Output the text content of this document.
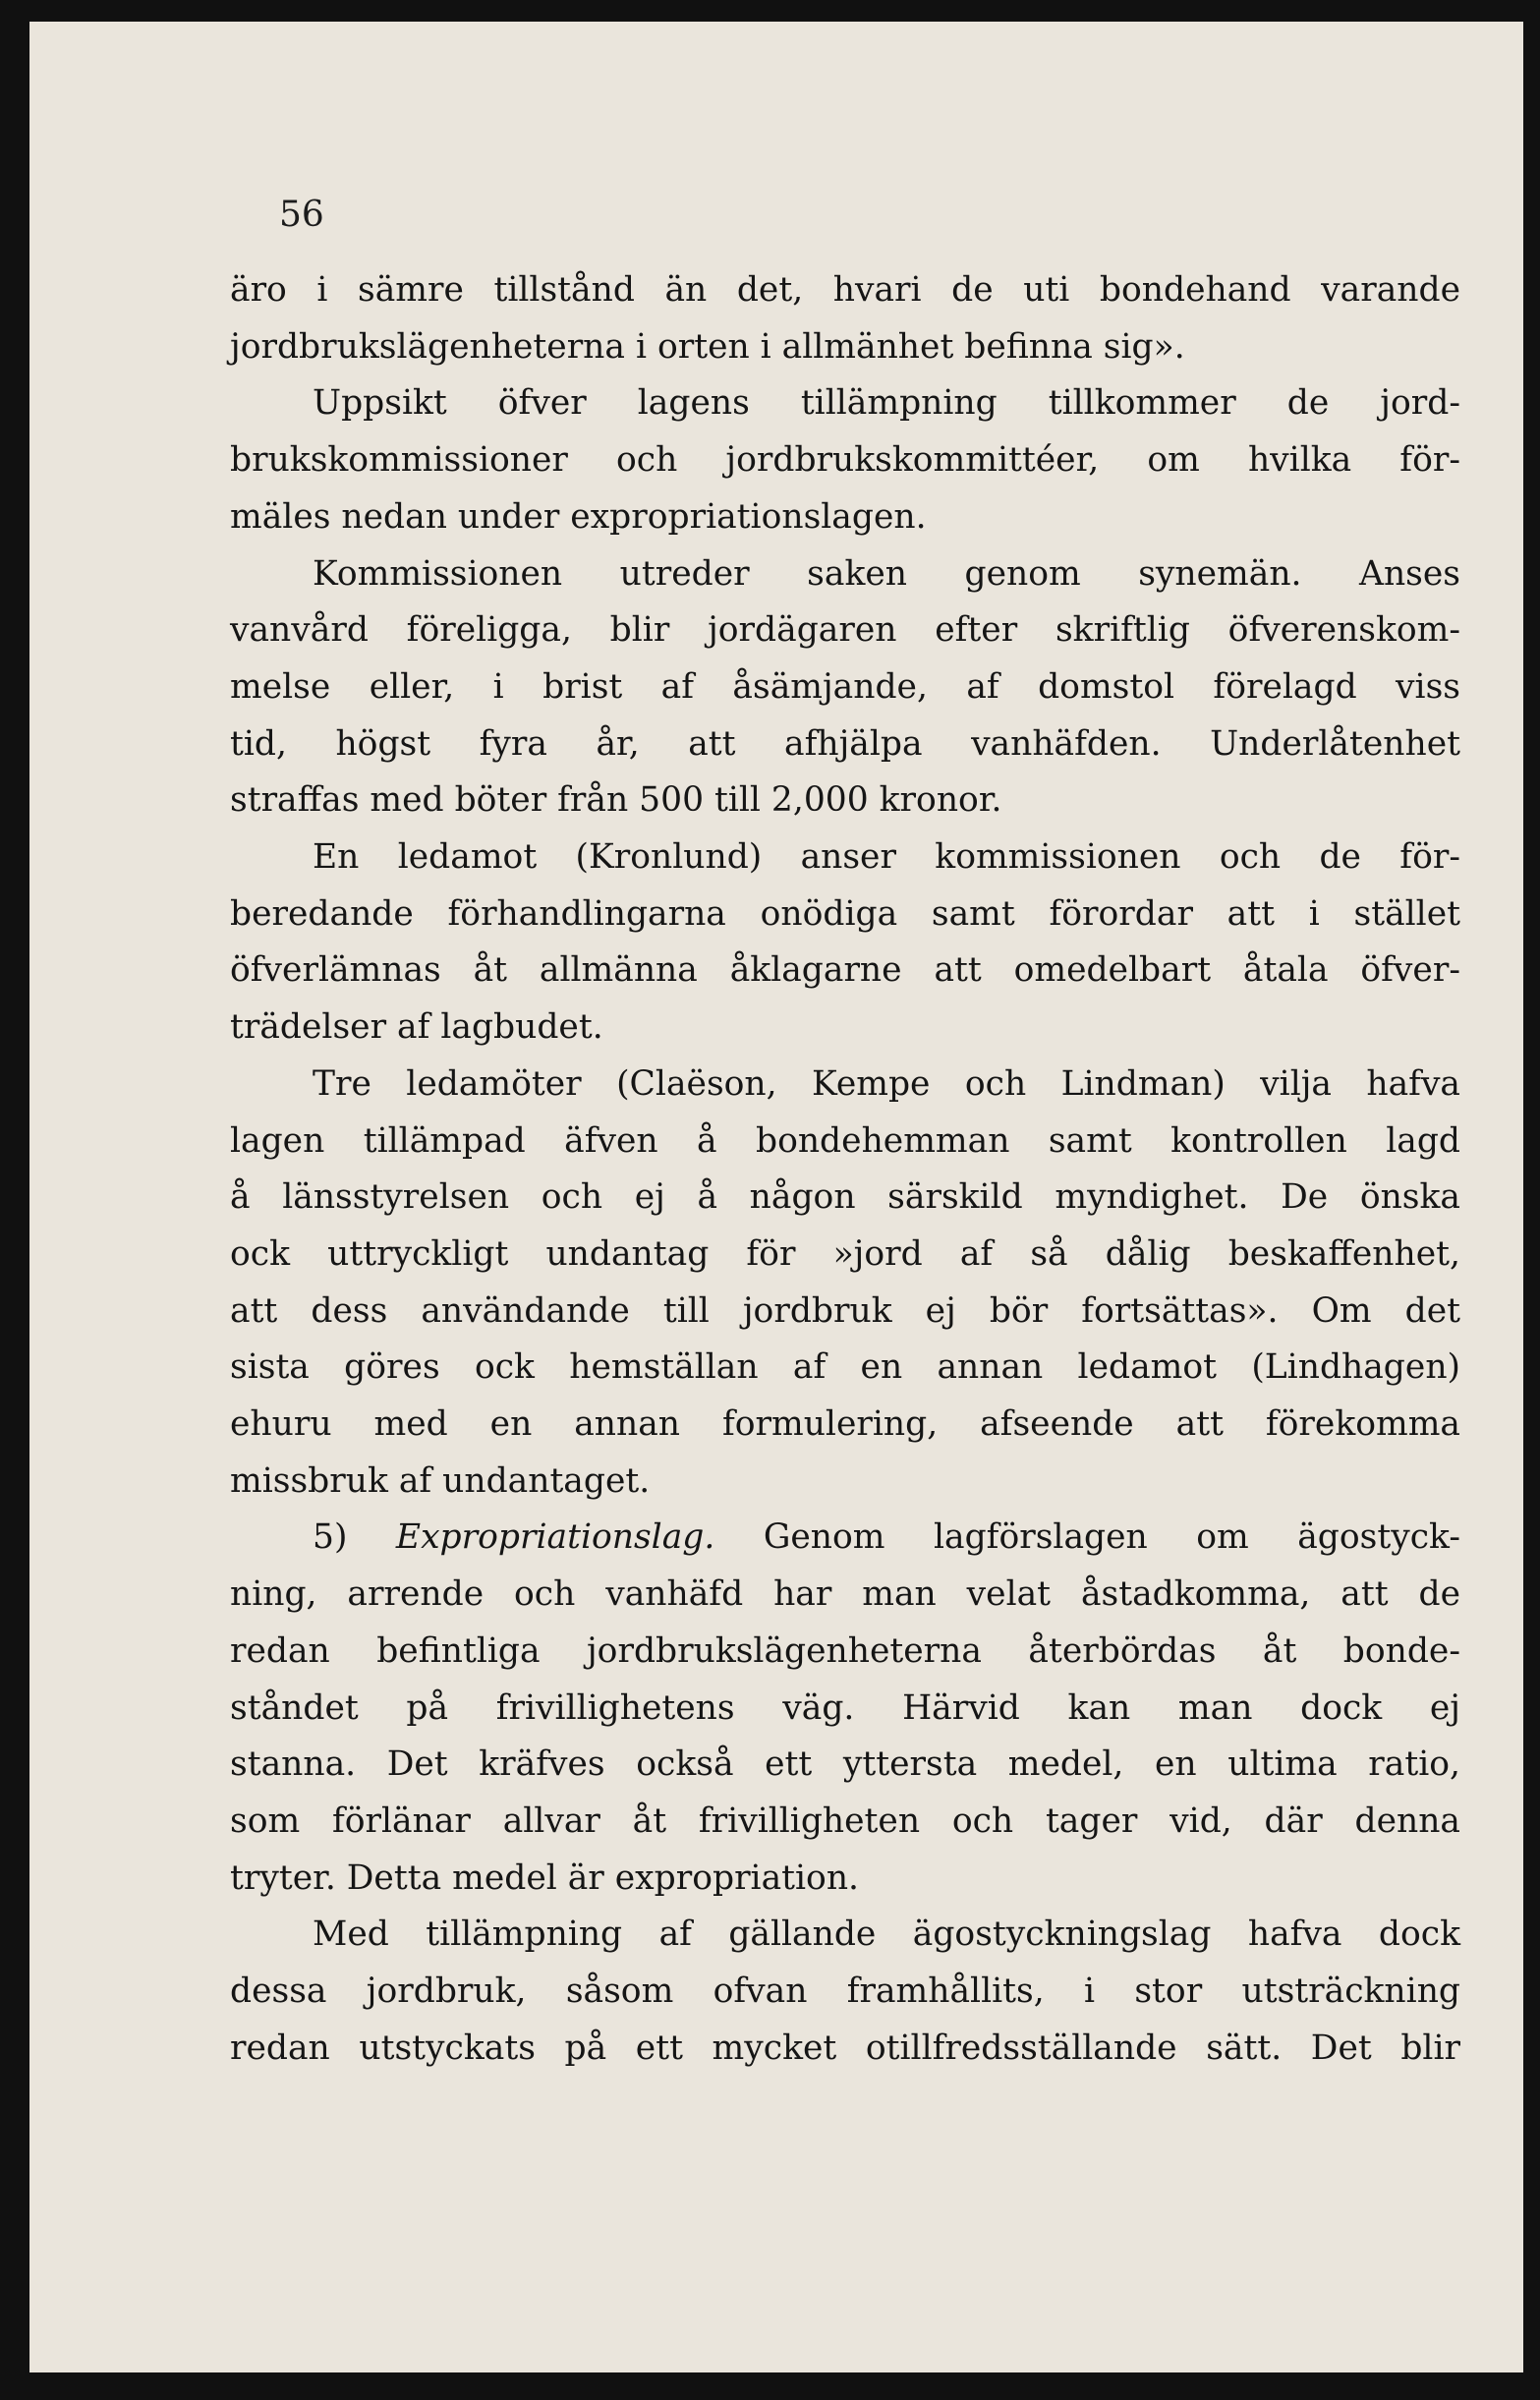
56

äro i sämre tillstånd än det, hvari de uti bondehand varande
jordbrukslägenheterna i orten i allmänhet befinna sig».
Uppsikt öfver lagens tillämpning tillkommer de jord-
brukskommissioner och jordbrukskommittéer, om hvilka för-
mäles nedan under expropriationslagen.
Kommissionen utreder saken genom synemän. Anses
vanvård föreligga, blir jordägaren efter skriftlig öfverenskom-
melse eller, i brist af åsämjande, af domstol förelagd viss
tid, högst fyra år, att afhjälpa vanhäfden. Underlåtenhet
straffas med böter från 500 till 2,000 kronor.
En ledamot (Kronlund) anser kommissionen och de för-
beredande förhandlingarna onödiga samt förordar att i stället
öfverlämnas åt allmänna åklagarne att omedelbart åtala öfver-
trädelser af lagbudet.
Tre ledamöter (Claëson, Kempe och Lindman) vilja hafva
lagen tillämpad äfven å bondehemman samt kontrollen lagd
å länsstyrelsen och ej å någon särskild myndighet. De önska
ock uttryckligt undantag för »jord af så dålig beskaffenhet,
att dess användande till jordbruk ej bör fortsättas». Om det
sista göres ock hemställan af en annan ledamot (Lindhagen)
ehuru med en annan formulering, afseende att förekomma
missbruk af undantaget.
5) Expropriationslag. Genom lagförslagen om ägostyck-
ning, arrende och vanhäfd har man velat åstadkomma, att de
redan befintliga jordbrukslägenheterna återbördas åt bonde-
ståndet på frivillighetens väg. Härvid kan man dock ej
stanna. Det kräfves också ett yttersta medel, en ultima ratio,
som förlänar allvar åt frivilligheten och tager vid, där denna
tryter. Detta medel är expropriation.
Med tillämpning af gällande ägostyckningslag hafva dock
dessa jordbruk, såsom ofvan framhållits, i stor utsträckning
redan utstyckats på ett mycket otillfredsställande sätt. Det blir
